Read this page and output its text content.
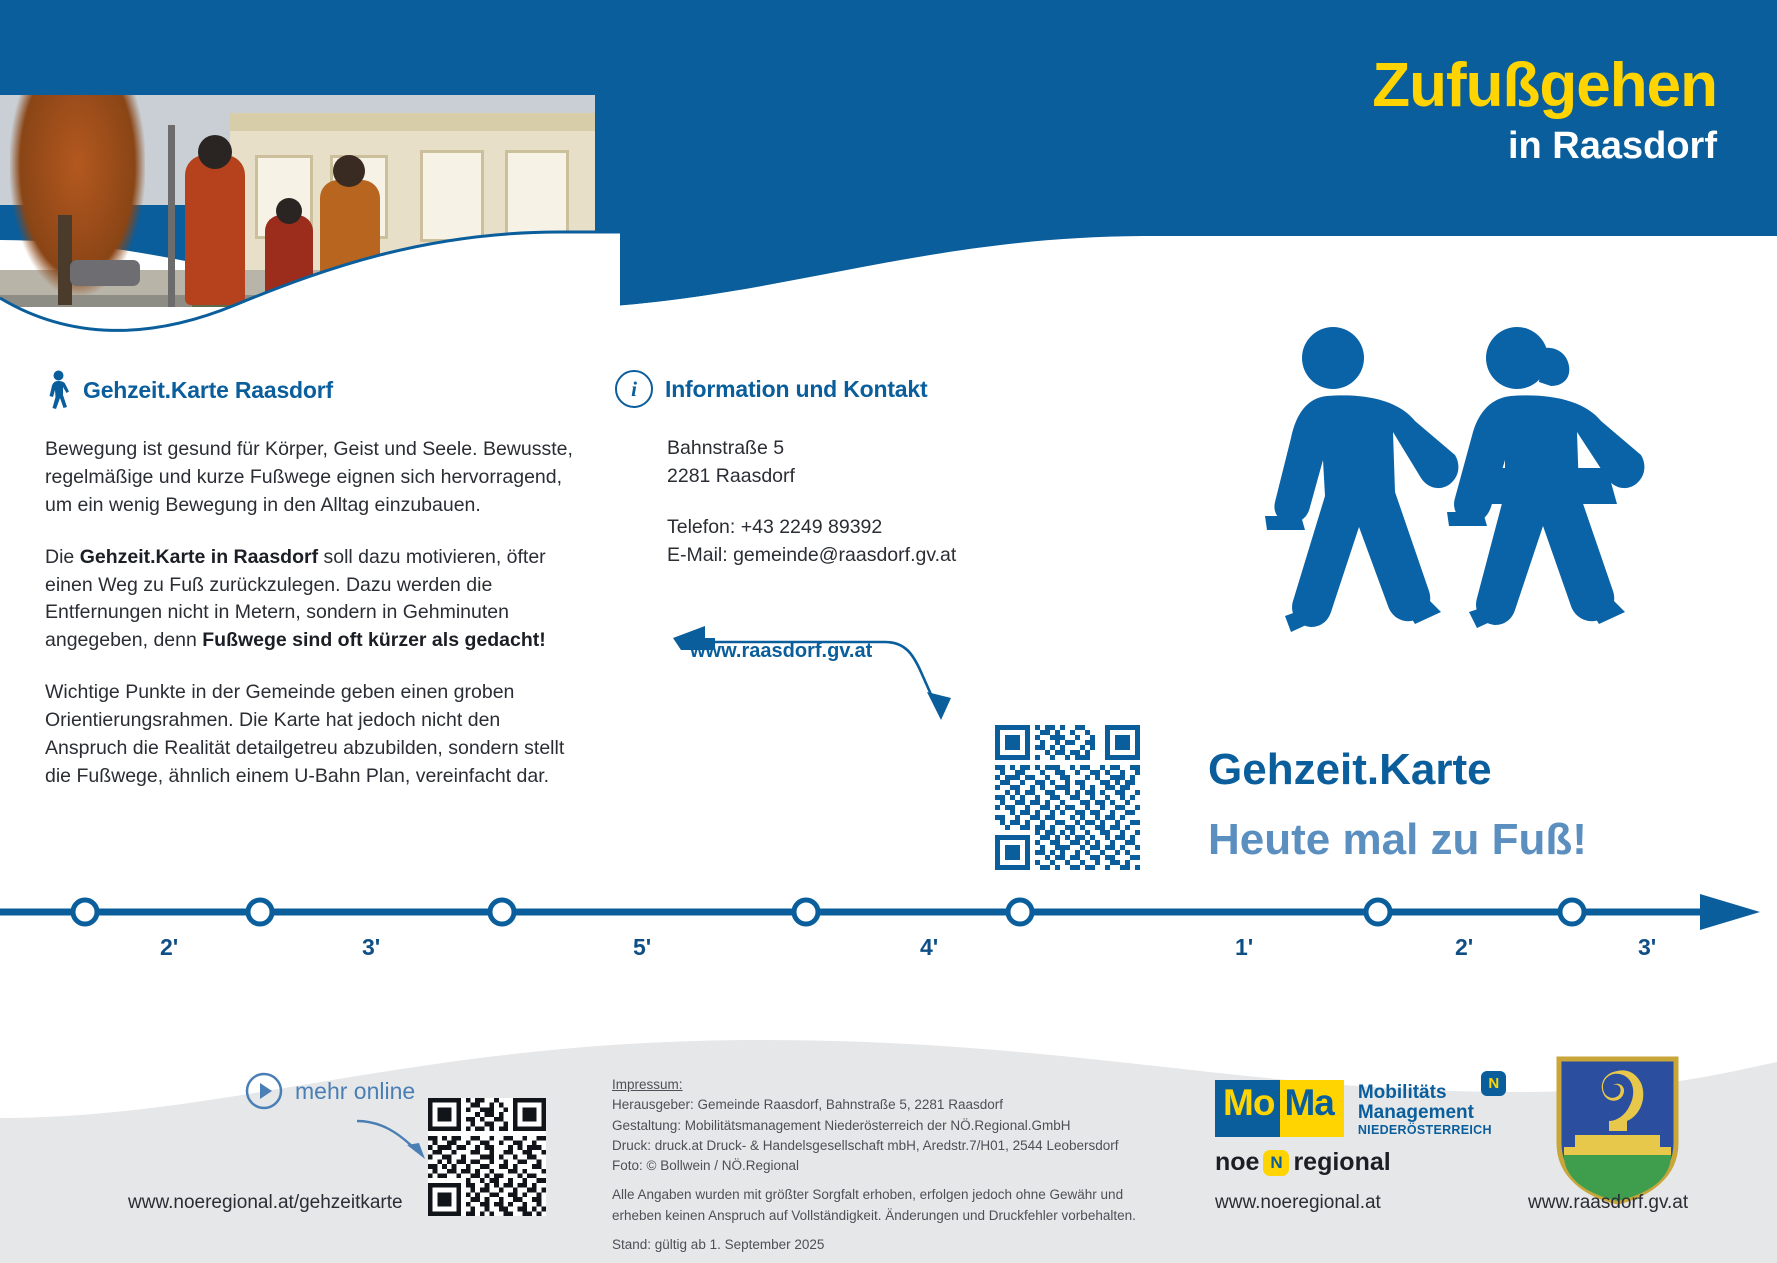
Zufußgehen
in Raasdorf
Gehzeit.Karte Raasdorf

Bewegung ist gesund für Körper, Geist und Seele. Bewusste, regelmäßige und kurze Fußwege eignen sich hervorragend, um ein wenig Bewegung in den Alltag einzubauen.

Die Gehzeit.Karte in Raasdorf soll dazu motivieren, öfter einen Weg zu Fuß zurückzulegen. Dazu werden die Entfernungen nicht in Metern, sondern in Gehminuten angegeben, denn Fußwege sind oft kürzer als gedacht!

Wichtige Punkte in der Gemeinde geben einen groben Orientierungsrahmen. Die Karte hat jedoch nicht den Anspruch die Realität detailgetreu abzubilden, sondern stellt die Fußwege, ähnlich einem U-Bahn Plan, vereinfacht dar.

i	Information und Kontakt
Bahnstraße 5
2281 Raasdorf
Telefon: +43 2249 89392
E-Mail: gemeinde@raasdorf.gv.at
www.raasdorf.gv.at
Gehzeit.Karte
Heute mal zu Fuß!
2'	3'	5'	4'	1'	2'	3'
mehr online
www.noeregional.at/gehzeitkarte
Impressum:
Herausgeber: Gemeinde Raasdorf, Bahnstraße 5, 2281 Raasdorf
Gestaltung: Mobilitätsmanagement Niederösterreich der NÖ.Regional.GmbH
Druck: druck.at Druck- & Handelsgesellschaft mbH, Aredstr.7/H01, 2544 Leobersdorf
Foto: © Bollwein / NÖ.Regional
Alle Angaben wurden mit größter Sorgfalt erhoben, erfolgen jedoch ohne Gewähr und
erheben keinen Anspruch auf Vollständigkeit. Änderungen und Druckfehler vorbehalten.
Stand: gültig ab 1. September 2025
Mo Ma	N
Mobilitäts
Management
NIEDERÖSTERREICH
noe N regional
www.noeregional.at	www.raasdorf.gv.at
